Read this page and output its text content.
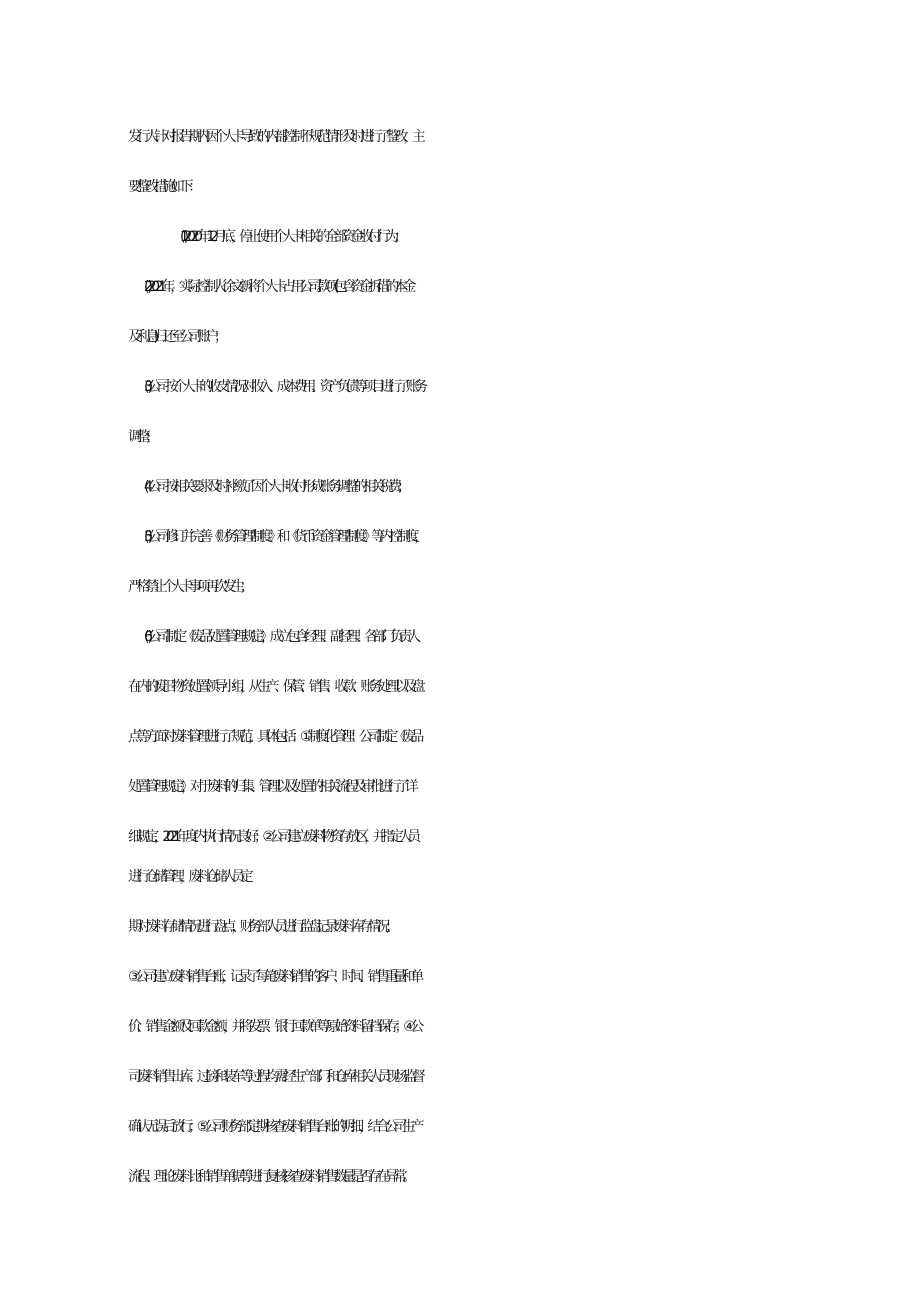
发行人针对报告期内因个人卡导致的内部控制不规范情形及时进行了整改，主
要整改措施如下：
(1)2020年12月底，停止使用个人卡相关的全部资金收付行为；
(2)2021年，实际控制人徐文新将个人卡占用公司款项(包含资金拆借的本金
及利息)归还至公司账户；
(3)公司按个人卡的收支情况对收入、成本费用、资产负债等项目进行了账务
调整；
(4公司按相关要求及时补缴了因个人卡收付形成账务调整的相关税费；
(5)公司修订并完善《财务管理制度》和《货币资金管理制度》等内控制度，
严格禁止个人卡事项再次发生；
(6)公司制定《废品处置管理规定》，成立包含经理、副经理、各部门负责人
在内的废旧物资处置领导小组，从生产、保管、销售、收款、账务处理以及盘
点等方面对废料管理进行了规范，具体包括：①制度化管理：公司制定《废品
处置管理规定》，对于废料的归集、管理以及处置的相关流程及审批进行了详
细规定，2021年度内执行情况良好；②公司建立废料物资存放区，并指定人员
进行仓储管理，废料仓储人员定
期对废料存储情况进行盘点，财务部人员进行监盘,记录废料库存情况；
③公司建立废料销售台账，记录了每笔废料销售的客户、时间、销售重量和单
价、销售金额及回款金额，并将发票、银行回款单等原始资料留档保存；④公
司废料销售出库、过磅和装车等过程均需经生产部门和仓库相关人员现场监督
确认无误后放行；⑤公司财务部定期核查废料销售台账的明细，结合公司生产
流程、理论废料比和销售单据等进行复核,核查废料销售数量是否存在异常。
